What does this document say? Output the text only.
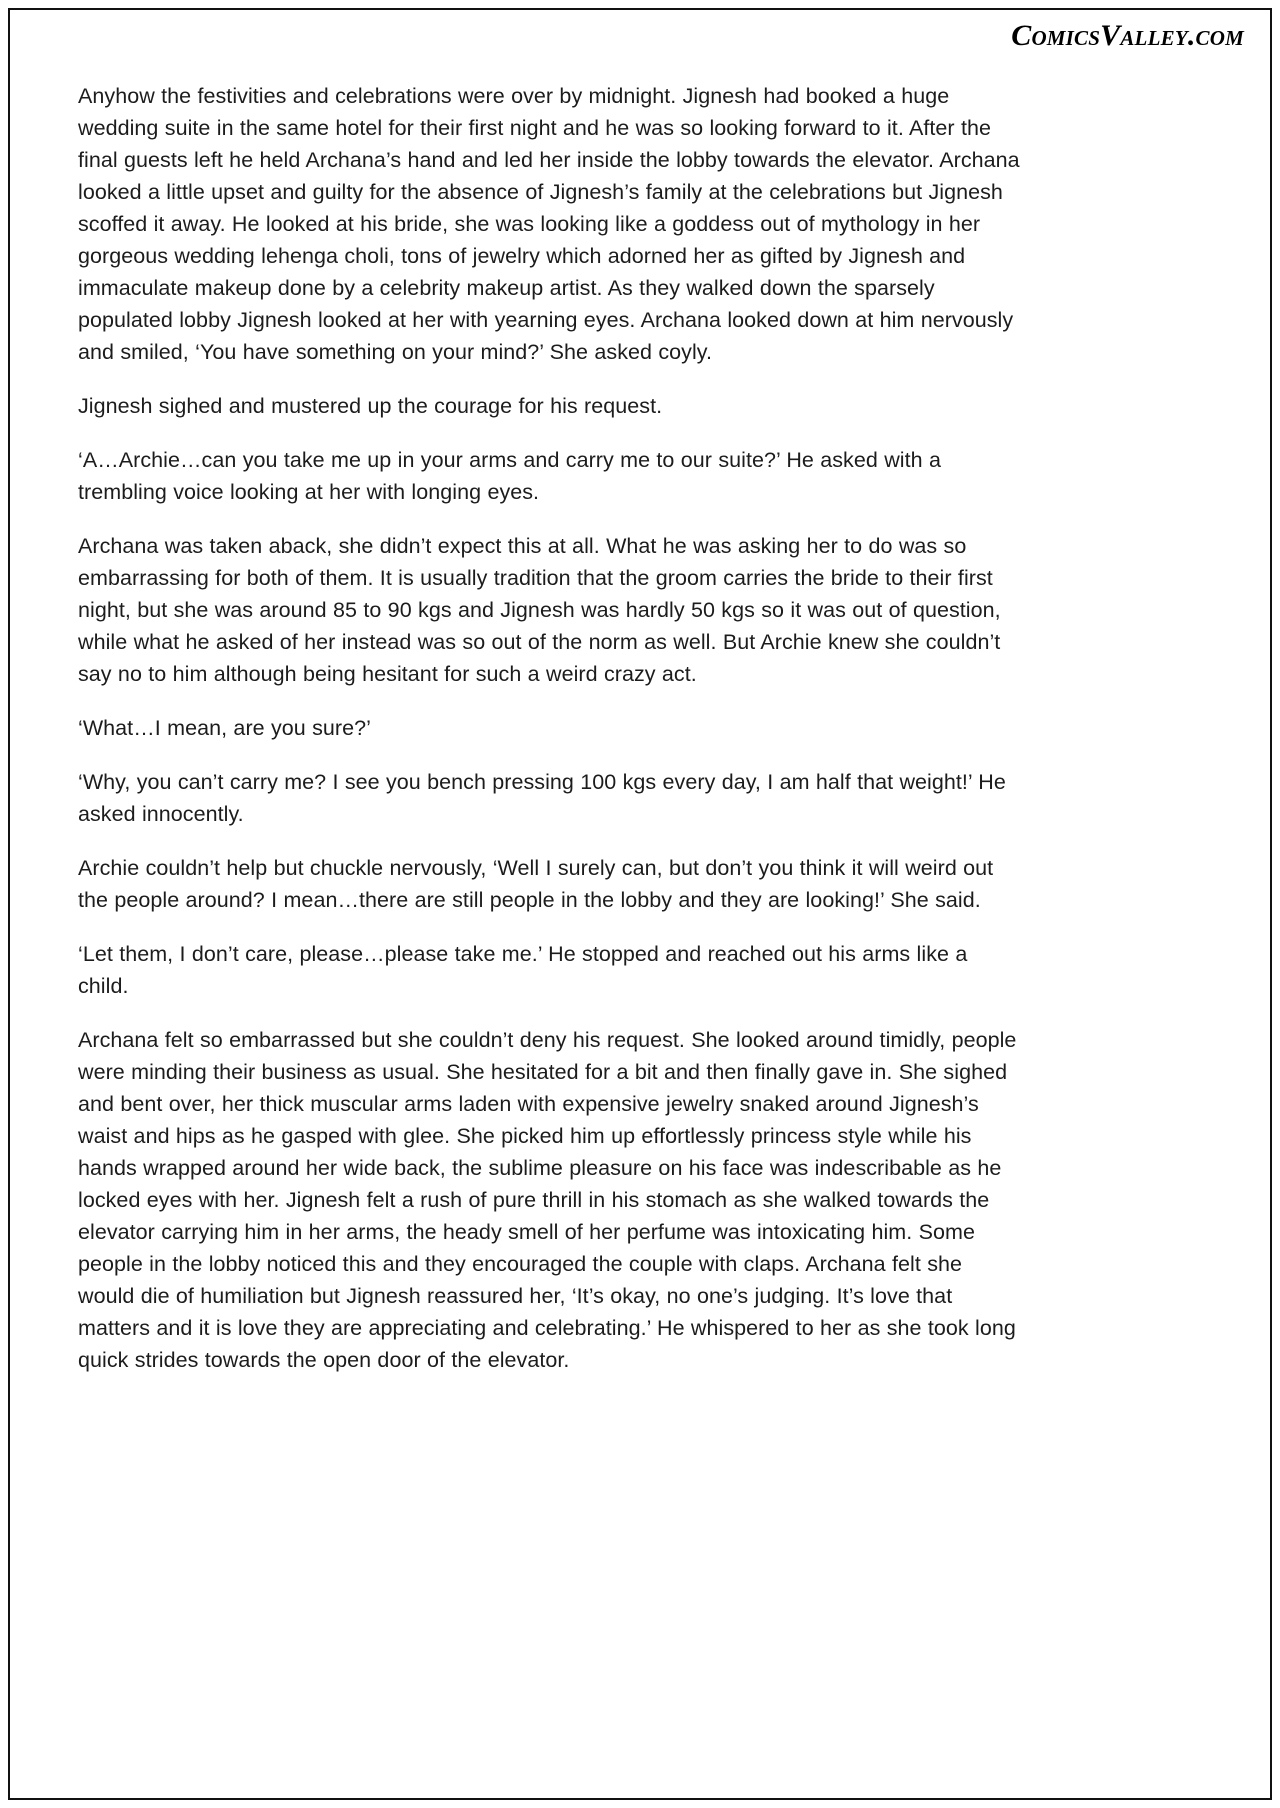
ComicsValley.com

Anyhow the festivities and celebrations were over by midnight. Jignesh had booked a huge wedding suite in the same hotel for their first night and he was so looking forward to it. After the final guests left he held Archana’s hand and led her inside the lobby towards the elevator. Archana looked a little upset and guilty for the absence of Jignesh’s family at the celebrations but Jignesh scoffed it away. He looked at his bride, she was looking like a goddess out of mythology in her gorgeous wedding lehenga choli, tons of jewelry which adorned her as gifted by Jignesh and immaculate makeup done by a celebrity makeup artist. As they walked down the sparsely populated lobby Jignesh looked at her with yearning eyes. Archana looked down at him nervously and smiled, ‘You have something on your mind?’ She asked coyly.

Jignesh sighed and mustered up the courage for his request.

‘A…Archie…can you take me up in your arms and carry me to our suite?’ He asked with a trembling voice looking at her with longing eyes.

Archana was taken aback, she didn’t expect this at all. What he was asking her to do was so embarrassing for both of them. It is usually tradition that the groom carries the bride to their first night, but she was around 85 to 90 kgs and Jignesh was hardly 50 kgs so it was out of question, while what he asked of her instead was so out of the norm as well. But Archie knew she couldn’t say no to him although being hesitant for such a weird crazy act.

‘What…I mean, are you sure?’

‘Why, you can’t carry me? I see you bench pressing 100 kgs every day, I am half that weight!’ He asked innocently.

Archie couldn’t help but chuckle nervously, ‘Well I surely can, but don’t you think it will weird out the people around? I mean…there are still people in the lobby and they are looking!’ She said.

‘Let them, I don’t care, please…please take me.’ He stopped and reached out his arms like a child.

Archana felt so embarrassed but she couldn’t deny his request. She looked around timidly, people were minding their business as usual. She hesitated for a bit and then finally gave in. She sighed and bent over, her thick muscular arms laden with expensive jewelry snaked around Jignesh’s waist and hips as he gasped with glee. She picked him up effortlessly princess style while his hands wrapped around her wide back, the sublime pleasure on his face was indescribable as he locked eyes with her. Jignesh felt a rush of pure thrill in his stomach as she walked towards the elevator carrying him in her arms, the heady smell of her perfume was intoxicating him. Some people in the lobby noticed this and they encouraged the couple with claps. Archana felt she would die of humiliation but Jignesh reassured her, ‘It’s okay, no one’s judging. It’s love that matters and it is love they are appreciating and celebrating.’ He whispered to her as she took long quick strides towards the open door of the elevator.
